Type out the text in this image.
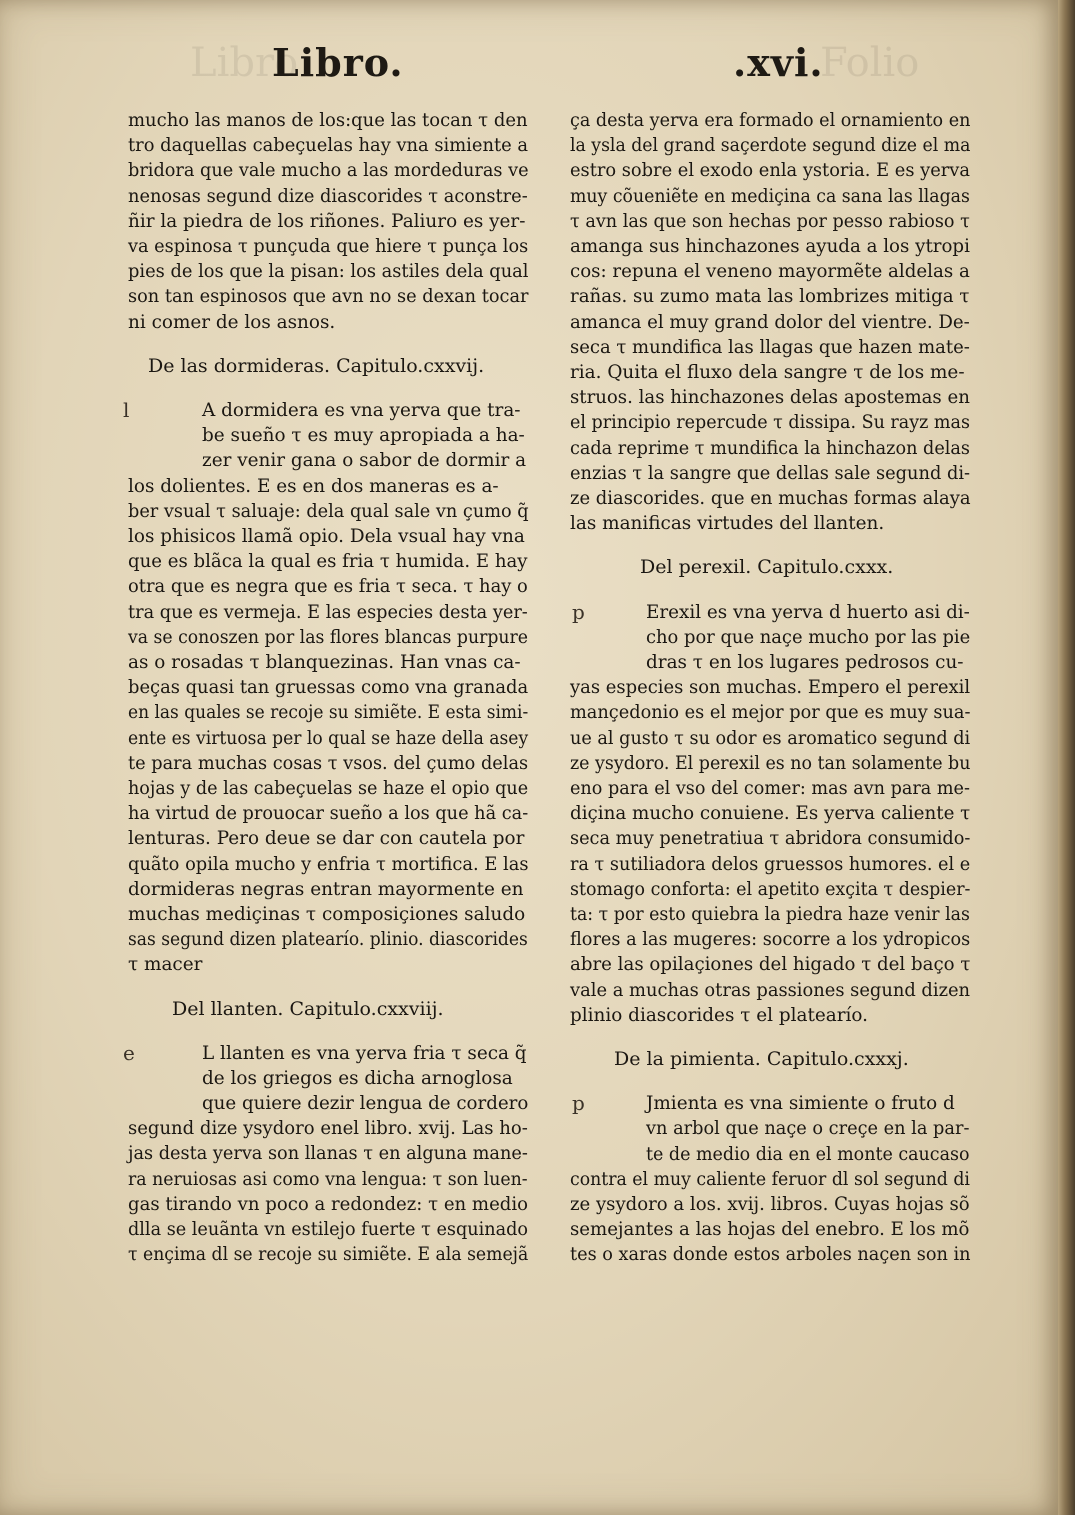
Libro	Folio
Libro.	.xvi.
mucho las manos de los:que las tocan τ den tro daquellas cabeçuelas hay vna simiente a bridora que vale mucho a las mordeduras ve nenosas segund dize diascorides τ aconstre-
ñir la piedra de los riñones. Paliuro es yer-
va espinosa τ punçuda que hiere τ punça los pies de los que la pisan: los astiles dela qual son tan espinosos que avn no se dexan tocar
ni comer de los asnos.
De las dormideras. Capitulo.cxxvij.
l	A dormidera es vna yerva que tra-
be sueño τ es muy apropiada a ha-
zer venir gana o sabor de dormir a
los dolientes. E es en dos maneras es a-
ber vsual τ saluaje: dela qual sale vn çumo q̃
los phisicos llamã opio. Dela vsual hay vna
que es blãca la qual es fria τ humida. E hay otra que es negra que es fria τ seca. τ hay o tra que es vermeja. E las especies desta yer- va se conoszen por las flores blancas purpure
as o rosadas τ blanquezinas. Han vnas ca-
beças quasi tan gruessas como vna granada en las quales se recoje su simiẽte. E esta simi- ente es virtuosa per lo qual se haze della asey te para muchas cosas τ vsos. del çumo delas hojas y de las cabeçuelas se haze el opio que ha virtud de prouocar sueño a los que hã ca-
lenturas. Pero deue se dar con cautela por
quãto opila mucho y enfria τ mortifica. E las
dormideras negras entran mayormente en
muchas mediçinas τ composiçiones saludo
sas segund dizen platearío. plinio. diascorides
τ macer
Del llanten. Capitulo.cxxviij.
e	L llanten es vna yerva fria τ seca q̃
de los griegos es dicha arnoglosa
que quiere dezir lengua de cordero
segund dize ysydoro enel libro. xvij. Las ho- jas desta yerva son llanas τ en alguna mane- ra neruiosas asi como vna lengua: τ son luen- gas tirando vn poco a redondez: τ en medio dlla se leuãnta vn estilejo fuerte τ esquinado τ ençima dl se recoje su simiẽte. E ala semejã
ça desta yerva era formado el ornamiento en la ysla del grand saçerdote segund dize el ma estro sobre el exodo enla ystoria. E es yerva muy cõueniẽte en mediçina ca sana las llagas τ avn las que son hechas por pesso rabioso τ amanga sus hinchazones ayuda a los ytropi cos: repuna el veneno mayormẽte aldelas a rañas. su zumo mata las lombrizes mitiga τ amanca el muy grand dolor del vientre. De- seca τ mundifica las llagas que hazen mate-
ria. Quita el fluxo dela sangre τ de los me-
struos. las hinchazones delas apostemas en el principio repercude τ dissipa. Su rayz mas cada reprime τ mundifica la hinchazon delas enzias τ la sangre que dellas sale segund di- ze diascorides. que en muchas formas alaya
las manificas virtudes del llanten.
Del perexil. Capitulo.cxxx.
p	Erexil es vna yerva d huerto asi di-
cho por que naçe mucho por las pie
dras τ en los lugares pedrosos cu-
yas especies son muchas. Empero el perexil mançedonio es el mejor por que es muy sua- ue al gusto τ su odor es aromatico segund di ze ysydoro. El perexil es no tan solamente bu eno para el vso del comer: mas avn para me- diçina mucho conuiene. Es yerva caliente τ seca muy penetratiua τ abridora consumido- ra τ sutiliadora delos gruessos humores. el e stomago conforta: el apetito exçita τ despier- ta: τ por esto quiebra la piedra haze venir las flores a las mugeres: socorre a los ydropicos abre las opilaçiones del higado τ del baço τ vale a muchas otras passiones segund dizen
plinio diascorides τ el platearío.
De la pimienta. Capitulo.cxxxj.
p	Jmienta es vna simiente o fruto d
vn arbol que naçe o creçe en la par-
te de medio dia en el monte caucaso
contra el muy caliente feruor dl sol segund di ze ysydoro a los. xvij. libros. Cuyas hojas sõ semejantes a las hojas del enebro. E los mõ tes o xaras donde estos arboles naçen son in
